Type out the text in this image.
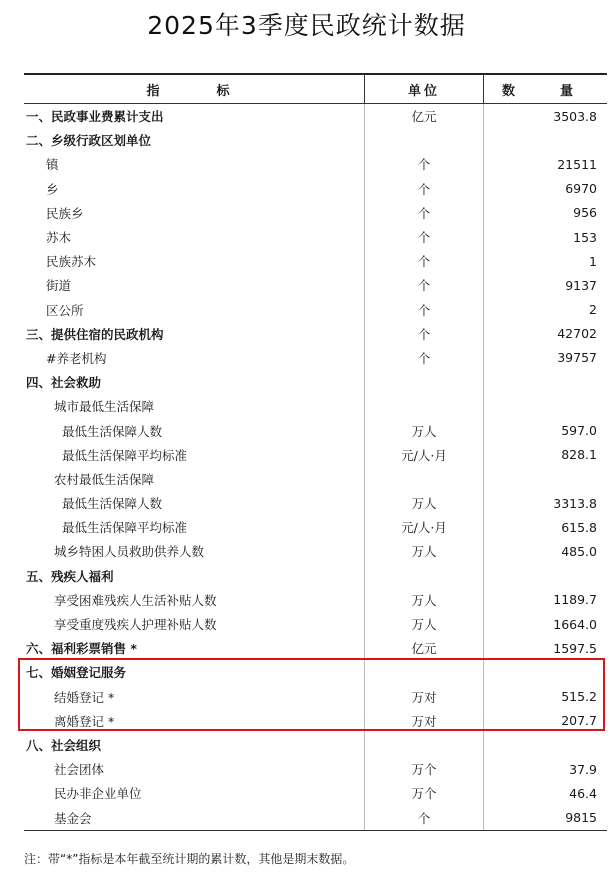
2025年3季度民政统计数据
指　标	单位	数　量
一、民政事业费累计支出	亿元	3503.8
二、乡级行政区划单位
镇	个	21511
乡	个	6970
民族乡	个	956
苏木	个	153
民族苏木	个	1
街道	个	9137
区公所	个	2
三、提供住宿的民政机构	个	42702
#养老机构	个	39757
四、社会救助
城市最低生活保障
最低生活保障人数	万人	597.0
最低生活保障平均标准	元/人·月	828.1
农村最低生活保障
最低生活保障人数	万人	3313.8
最低生活保障平均标准	元/人·月	615.8
城乡特困人员救助供养人数	万人	485.0
五、残疾人福利
享受困难残疾人生活补贴人数	万人	1189.7
享受重度残疾人护理补贴人数	万人	1664.0
六、福利彩票销售 *	亿元	1597.5
七、婚姻登记服务
结婚登记 *	万对	515.2
离婚登记 *	万对	207.7
八、社会组织
社会团体	万个	37.9
民办非企业单位	万个	46.4
基金会	个	9815
注：带“*”指标是本年截至统计期的累计数，其他是期末数据。
